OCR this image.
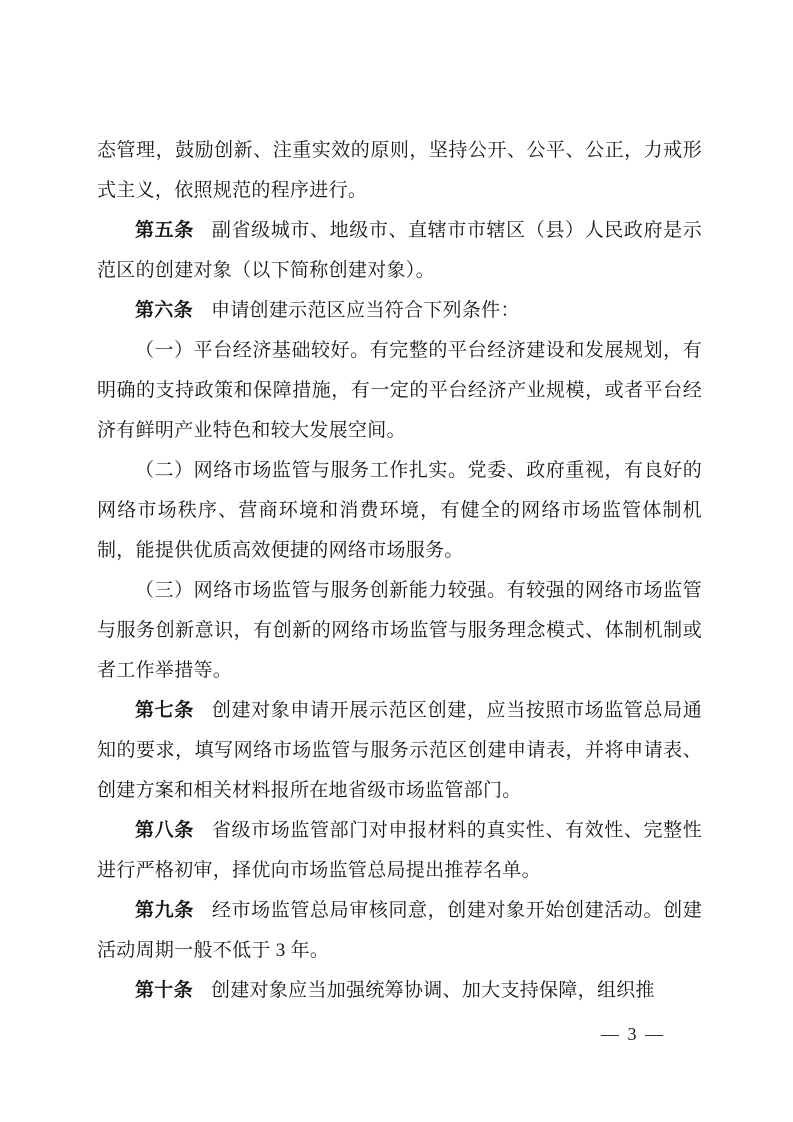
态管理，鼓励创新、注重实效的原则，坚持公开、公平、公正，力戒形式主义，依照规范的程序进行。

第五条 副省级城市、地级市、直辖市市辖区（县）人民政府是示范区的创建对象（以下简称创建对象）。

第六条 申请创建示范区应当符合下列条件：

（一）平台经济基础较好。有完整的平台经济建设和发展规划，有明确的支持政策和保障措施，有一定的平台经济产业规模，或者平台经济有鲜明产业特色和较大发展空间。

（二）网络市场监管与服务工作扎实。党委、政府重视，有良好的网络市场秩序、营商环境和消费环境，有健全的网络市场监管体制机制，能提供优质高效便捷的网络市场服务。

（三）网络市场监管与服务创新能力较强。有较强的网络市场监管与服务创新意识，有创新的网络市场监管与服务理念模式、体制机制或者工作举措等。

第七条 创建对象申请开展示范区创建，应当按照市场监管总局通知的要求，填写网络市场监管与服务示范区创建申请表，并将申请表、创建方案和相关材料报所在地省级市场监管部门。

第八条 省级市场监管部门对申报材料的真实性、有效性、完整性进行严格初审，择优向市场监管总局提出推荐名单。

第九条 经市场监管总局审核同意，创建对象开始创建活动。创建活动周期一般不低于 3 年。

第十条 创建对象应当加强统筹协调、加大支持保障，组织推

— 3 —
